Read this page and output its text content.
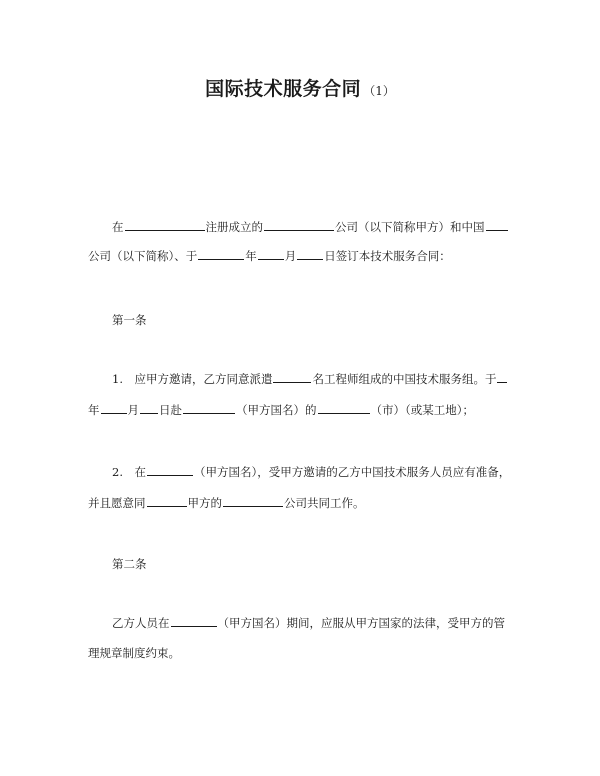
国际技术服务合同 （1）
在	注册成立的	公司（以下简称甲方）和中国
公司（以下简称）、于	年 月 日签订本技术服务合同：
第一条
1.　应甲方邀请，乙方同意派遣	名工程师组成的中国技术服务组。于
年 月 日赴	（甲方国名）的	（市）（或某工地）；
2.　在	（甲方国名），受甲方邀请的乙方中国技术服务人员应有准备，
并且愿意同	甲方的	公司共同工作。
第二条
乙方人员在	（甲方国名）期间，应服从甲方国家的法律，受甲方的管
理规章制度约束。
